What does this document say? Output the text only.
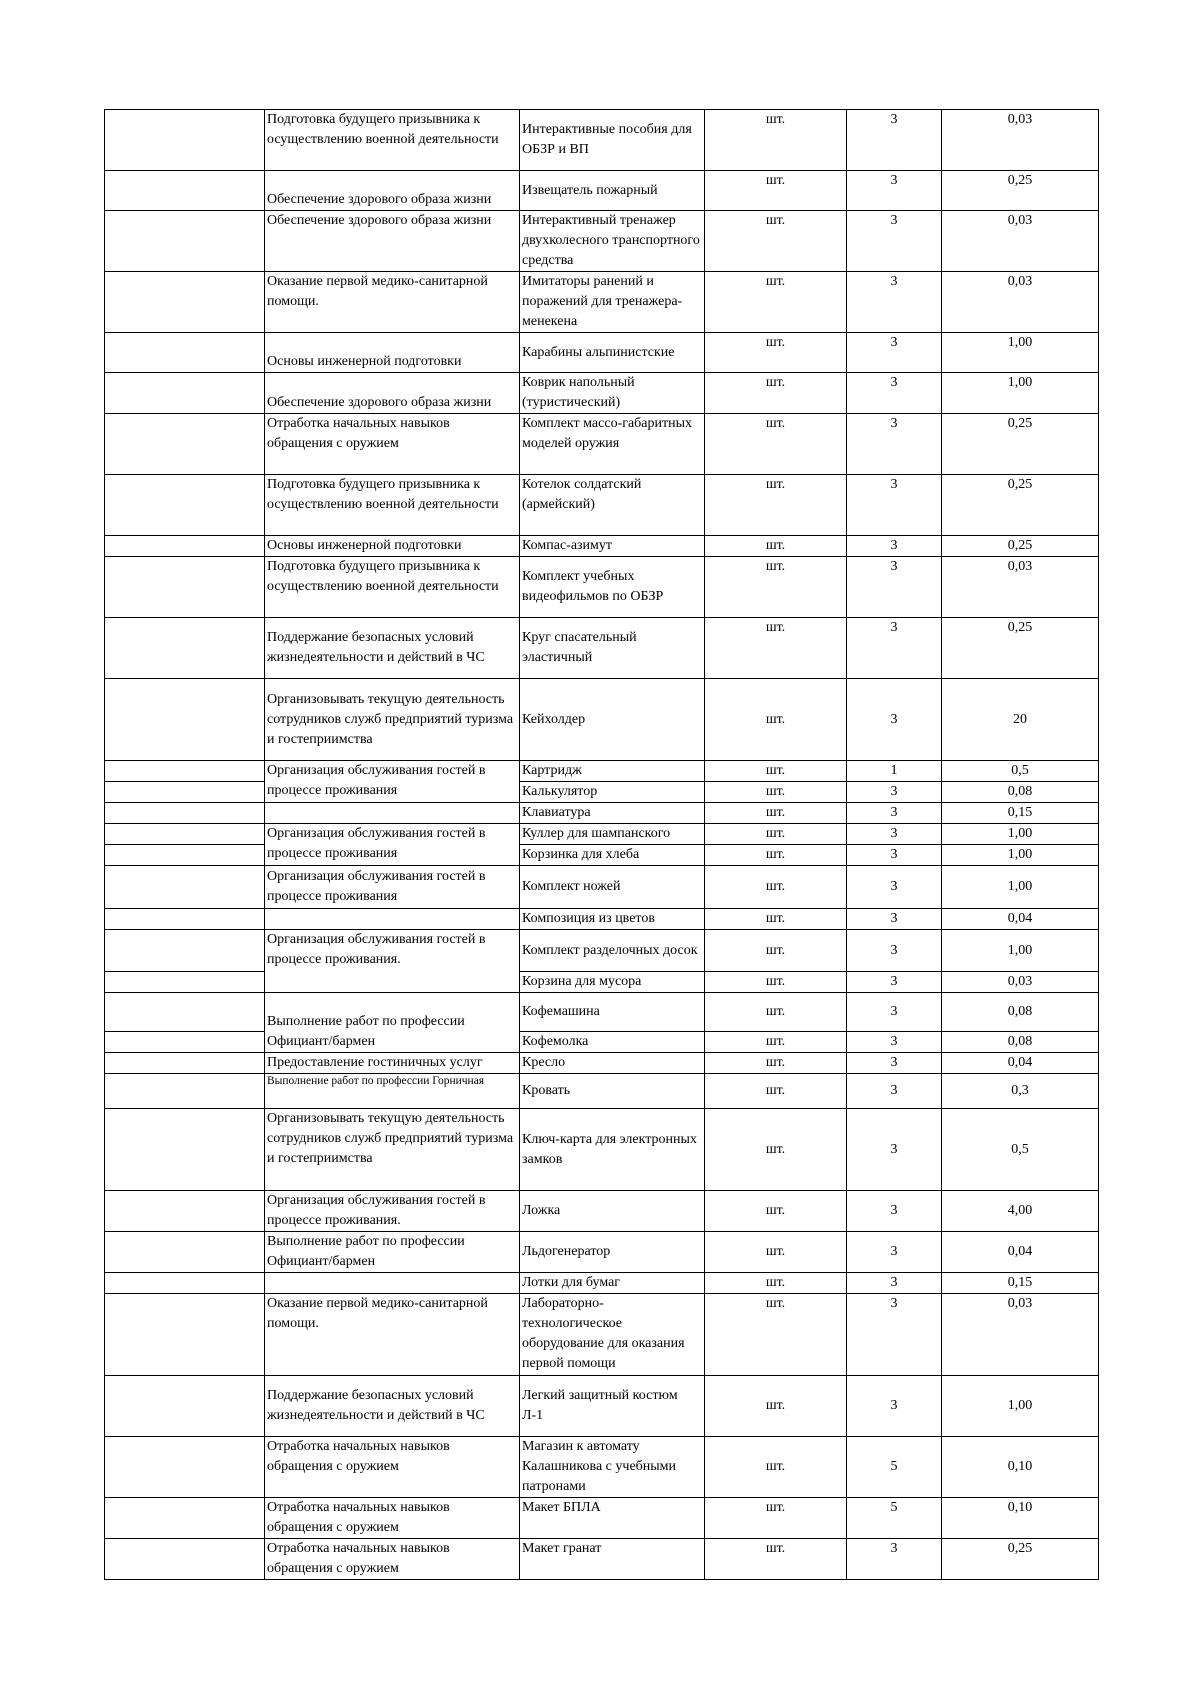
	Подготовка будущего призывника к осуществлению военной деятельности	Интерактивные пособия для ОБЗР и ВП	шт.	3	0,03
	Обеспечение здорового образа жизни	Извещатель пожарный	шт.	3	0,25
	Обеспечение здорового образа жизни	Интерактивный тренажер двухколесного транспортного средства	шт.	3	0,03
	Оказание первой медико-санитарной помощи.	Имитаторы ранений и поражений для тренажера-менекена	шт.	3	0,03
	Основы инженерной подготовки	Карабины альпинистские	шт.	3	1,00
	Обеспечение здорового образа жизни	Коврик напольный (туристический)	шт.	3	1,00
	Отработка начальных навыков обращения с оружием	Комплект массо-габаритных моделей оружия	шт.	3	0,25
	Подготовка будущего призывника к осуществлению военной деятельности	Котелок солдатский (армейский)	шт.	3	0,25
	Основы инженерной подготовки	Компас-азимут	шт.	3	0,25
	Подготовка будущего призывника к осуществлению военной деятельности	Комплект учебных видеофильмов по ОБЗР	шт.	3	0,03
	Поддержание безопасных условий жизнедеятельности и действий в ЧС	Круг спасательный эластичный	шт.	3	0,25
	Организовывать текущую деятельность сотрудников служб предприятий туризма и гостеприимства	Кейхолдер	шт.	3	20
	Организация обслуживания гостей в процессе проживания	Картридж	шт.	1	0,5
		Калькулятор	шт.	3	0,08
		Клавиатура	шт.	3	0,15
	Организация обслуживания гостей в процессе проживания	Куллер для шампанского	шт.	3	1,00
		Корзинка для хлеба	шт.	3	1,00
	Организация обслуживания гостей в процессе проживания	Комплект ножей	шт.	3	1,00
		Композиция из цветов	шт.	3	0,04
	Организация обслуживания гостей в процессе проживания.	Комплект разделочных досок	шт.	3	1,00
		Корзина для мусора	шт.	3	0,03
	Выполнение работ по профессии Официант/бармен	Кофемашина	шт.	3	0,08
		Кофемолка	шт.	3	0,08
	Предоставление гостиничных услуг	Кресло	шт.	3	0,04
	Выполнение работ по профессии Горничная	Кровать	шт.	3	0,3
	Организовывать текущую деятельность сотрудников служб предприятий туризма и гостеприимства	Ключ-карта для электронных замков	шт.	3	0,5
	Организация обслуживания гостей в процессе проживания.	Ложка	шт.	3	4,00
	Выполнение работ по профессии Официант/бармен	Льдогенератор	шт.	3	0,04
		Лотки для бумаг	шт.	3	0,15
	Оказание первой медико-санитарной помощи.	Лабораторно-технологическое оборудование для оказания первой помощи	шт.	3	0,03
	Поддержание безопасных условий жизнедеятельности и действий в ЧС	Легкий защитный костюм Л-1	шт.	3	1,00
	Отработка начальных навыков обращения с оружием	Магазин к автомату Калашникова с учебными патронами	шт.	5	0,10
	Отработка начальных навыков обращения с оружием	Макет БПЛА	шт.	5	0,10
	Отработка начальных навыков обращения с оружием	Макет гранат	шт.	3	0,25
